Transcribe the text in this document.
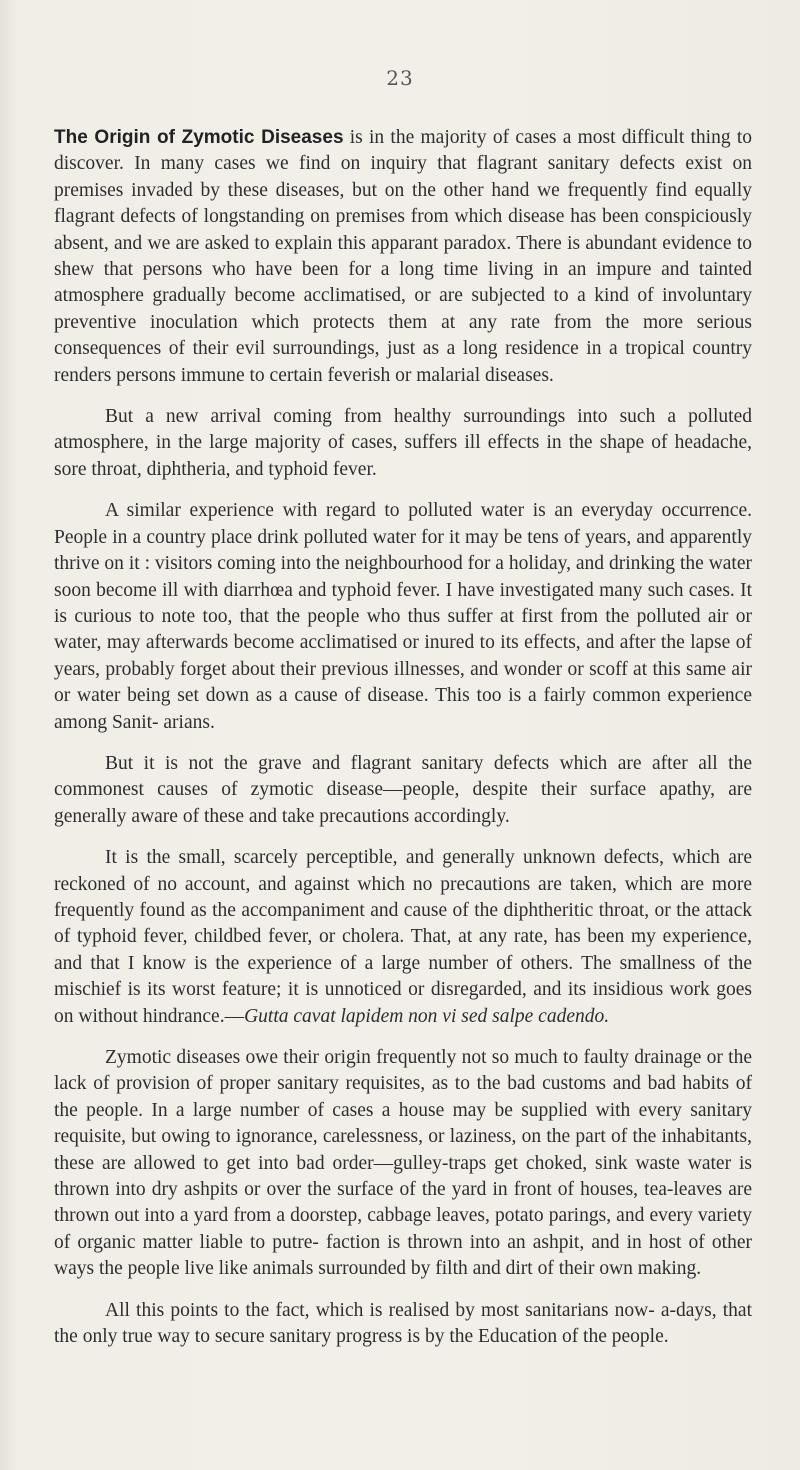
23

The Origin of Zymotic Diseases is in the majority of cases a most difficult thing to discover. In many cases we find on inquiry that flagrant sanitary defects exist on premises invaded by these diseases, but on the other hand we frequently find equally flagrant defects of longstanding on premises from which disease has been conspiciously absent, and we are asked to explain this apparant paradox. There is abundant evidence to shew that persons who have been for a long time living in an impure and tainted atmosphere gradually become acclimatised, or are subjected to a kind of involuntary preventive inoculation which protects them at any rate from the more serious consequences of their evil surroundings, just as a long residence in a tropical country renders persons immune to certain feverish or malarial diseases.

But a new arrival coming from healthy surroundings into such a polluted atmosphere, in the large majority of cases, suffers ill effects in the shape of headache, sore throat, diphtheria, and typhoid fever.

A similar experience with regard to polluted water is an everyday occurrence. People in a country place drink polluted water for it may be tens of years, and apparently thrive on it : visitors coming into the neighbourhood for a holiday, and drinking the water soon become ill with diarrhœa and typhoid fever. I have investigated many such cases. It is curious to note too, that the people who thus suffer at first from the polluted air or water, may afterwards become acclimatised or inured to its effects, and after the lapse of years, probably forget about their previous illnesses, and wonder or scoff at this same air or water being set down as a cause of disease. This too is a fairly common experience among Sanit- arians.

But it is not the grave and flagrant sanitary defects which are after all the commonest causes of zymotic disease—people, despite their surface apathy, are generally aware of these and take precautions accordingly.

It is the small, scarcely perceptible, and generally unknown defects, which are reckoned of no account, and against which no precautions are taken, which are more frequently found as the accompaniment and cause of the diphtheritic throat, or the attack of typhoid fever, childbed fever, or cholera. That, at any rate, has been my experience, and that I know is the experience of a large number of others. The smallness of the mischief is its worst feature; it is unnoticed or disregarded, and its insidious work goes on without hindrance.—Gutta cavat lapidem non vi sed salpe cadendo.

Zymotic diseases owe their origin frequently not so much to faulty drainage or the lack of provision of proper sanitary requisites, as to the bad customs and bad habits of the people. In a large number of cases a house may be supplied with every sanitary requisite, but owing to ignorance, carelessness, or laziness, on the part of the inhabitants, these are allowed to get into bad order—gulley-traps get choked, sink waste water is thrown into dry ashpits or over the surface of the yard in front of houses, tea-leaves are thrown out into a yard from a doorstep, cabbage leaves, potato parings, and every variety of organic matter liable to putre- faction is thrown into an ashpit, and in host of other ways the people live like animals surrounded by filth and dirt of their own making.

All this points to the fact, which is realised by most sanitarians now- a-days, that the only true way to secure sanitary progress is by the Education of the people.
